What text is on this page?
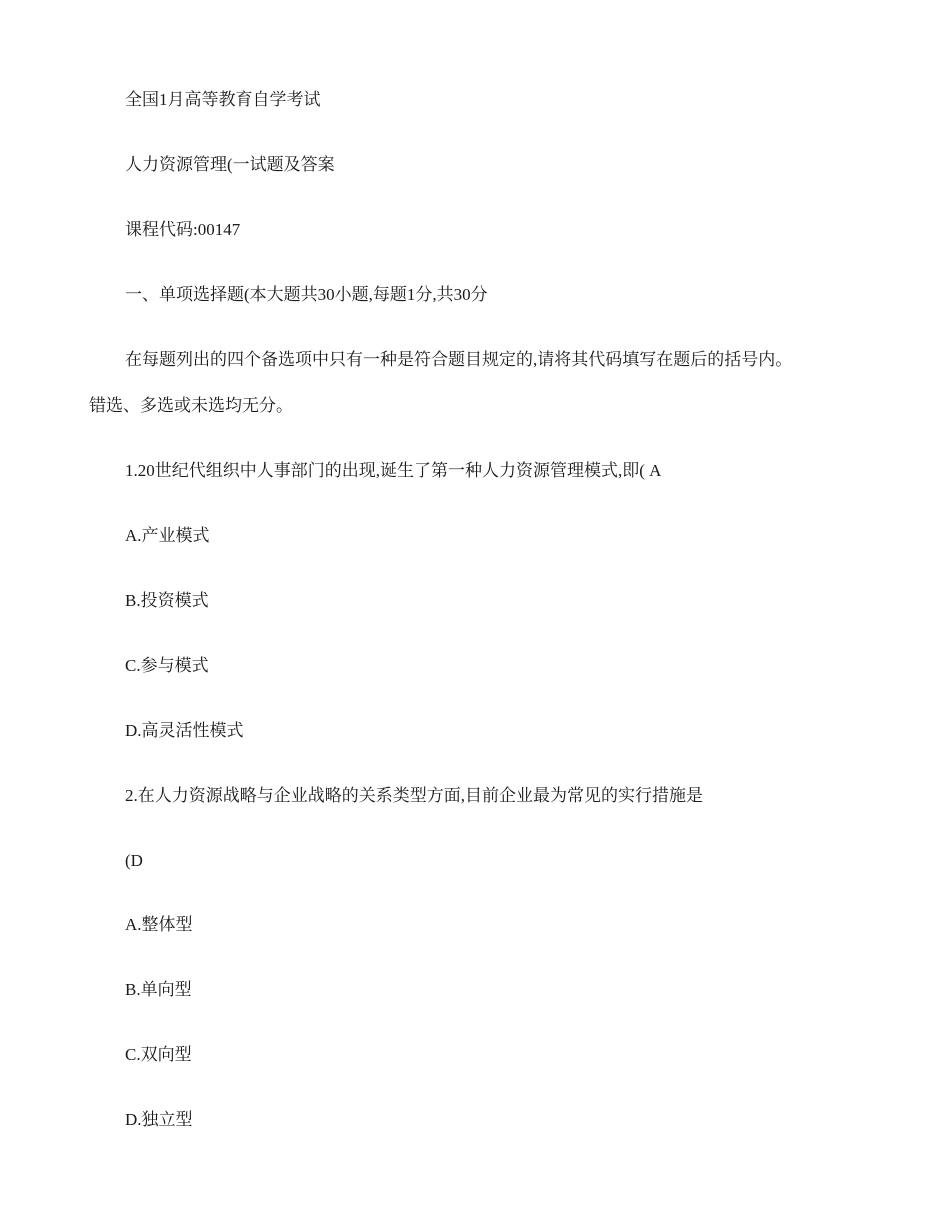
全国1月高等教育自学考试
人力资源管理(一试题及答案
课程代码:00147
一、单项选择题(本大题共30小题,每题1分,共30分
在每题列出的四个备选项中只有一种是符合题目规定的,请将其代码填写在题后的括号内。
错选、多选或未选均无分。
1.20世纪代组织中人事部门的出现,诞生了第一种人力资源管理模式,即( A
A.产业模式
B.投资模式
C.参与模式
D.高灵活性模式
2.在人力资源战略与企业战略的关系类型方面,目前企业最为常见的实行措施是
(D
A.整体型
B.单向型
C.双向型
D.独立型
